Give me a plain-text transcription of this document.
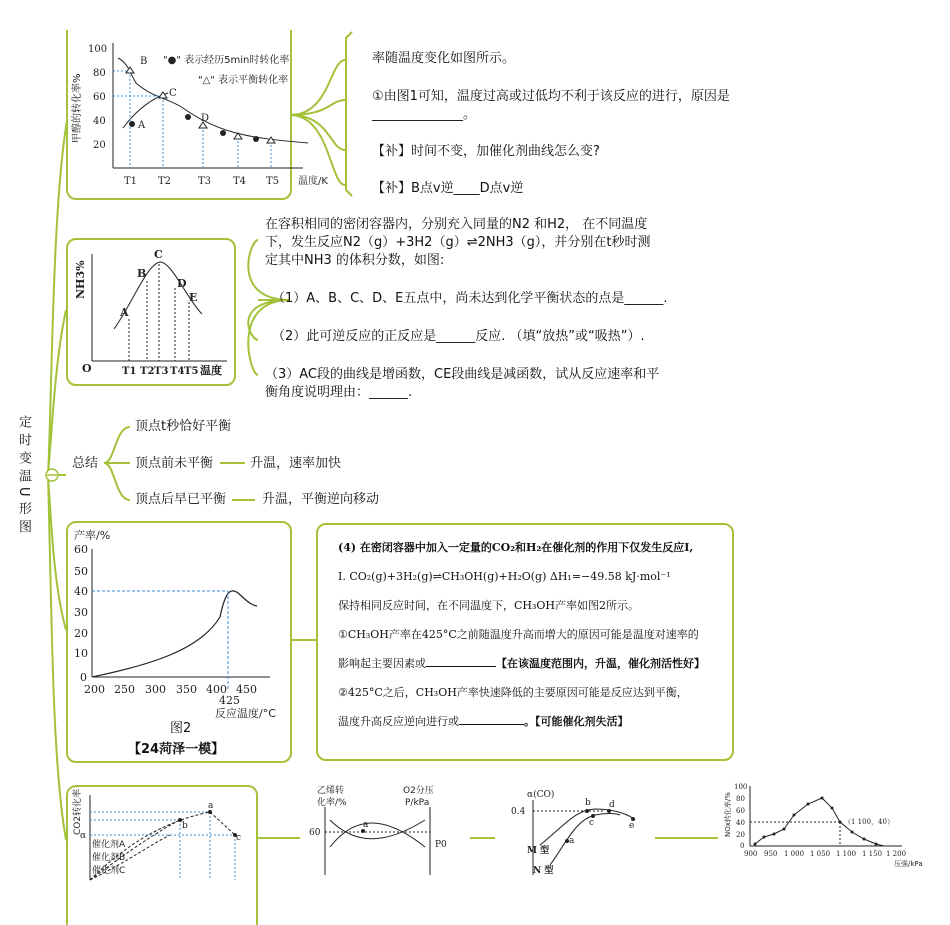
定时变温U形图
100
80
60
40
20
甲醇的转化率%	A
B
C
D
T1 T2	T3 T4 T5 温度/K
"●" 表示经历5min时转化率
"△" 表示平衡转化率
率随温度变化如图所示。
①由图1可知，温度过高或过低均不利于该反应的进行，原因是______________。
【补】时间不变，加催化剂曲线怎么变?
【补】B点v逆____D点v逆
NH3%
O
A
B
C
D
E
T1 T2 T3 T4 T5 温度
在容积相同的密闭容器内，分别充入同量的N2 和H2， 在不同温度下，发生反应N2（g）+3H2（g）⇌2NH3（g），并分别在t秒时测定其中NH3 的体积分数，如图:
（1）A、B、C、D、E五点中，尚未达到化学平衡状态的点是______.
（2）此可逆反应的正反应是______反应. （填“放热”或“吸热”）.
（3）AC段的曲线是增函数，CE段曲线是减函数，试从反应速率和平衡角度说明理由：______.
总结
顶点t秒恰好平衡
顶点前未平衡
顶点后早已平衡
升温，速率加快
升温，平衡逆向移动
产率/%
60
50
40
30
20
10
0
200 250 300 350 400 450
425
反应温度/°C
图2
【24菏泽一模】
(4) 在密闭容器中加入一定量的CO₂和H₂在催化剂的作用下仅发生反应I,
I. CO₂(g)+3H₂(g)⇌CH₃OH(g)+H₂O(g) ΔH₁=−49.58 kJ·mol⁻¹
保持相同反应时间，在不同温度下，CH₃OH产率如图2所示。
①CH₃OH产率在425°C之前随温度升高而增大的原因可能是温度对速率的
影响起主要因素或	【在该温度范围内，升温，催化剂活性好】
②425°C之后，CH₃OH产率快速降低的主要原因可能是反应达到平衡，
温度升高反应逆向进行或	。【可能催化剂失活】
CO2转化率
α
a
b
c
催化剂A
催化剂B
催化剂C
乙烯转
化率/%
O2分压
P/kPa
60
a
P0
α(CO)
0.4
a
b
c
d
e
M 型
N 型
NOx转化率/%
100
80
60
40
20
0
（1 100，40）
900 950 1 000 1 050 1 100 1 150 1 200
压强/kPa
